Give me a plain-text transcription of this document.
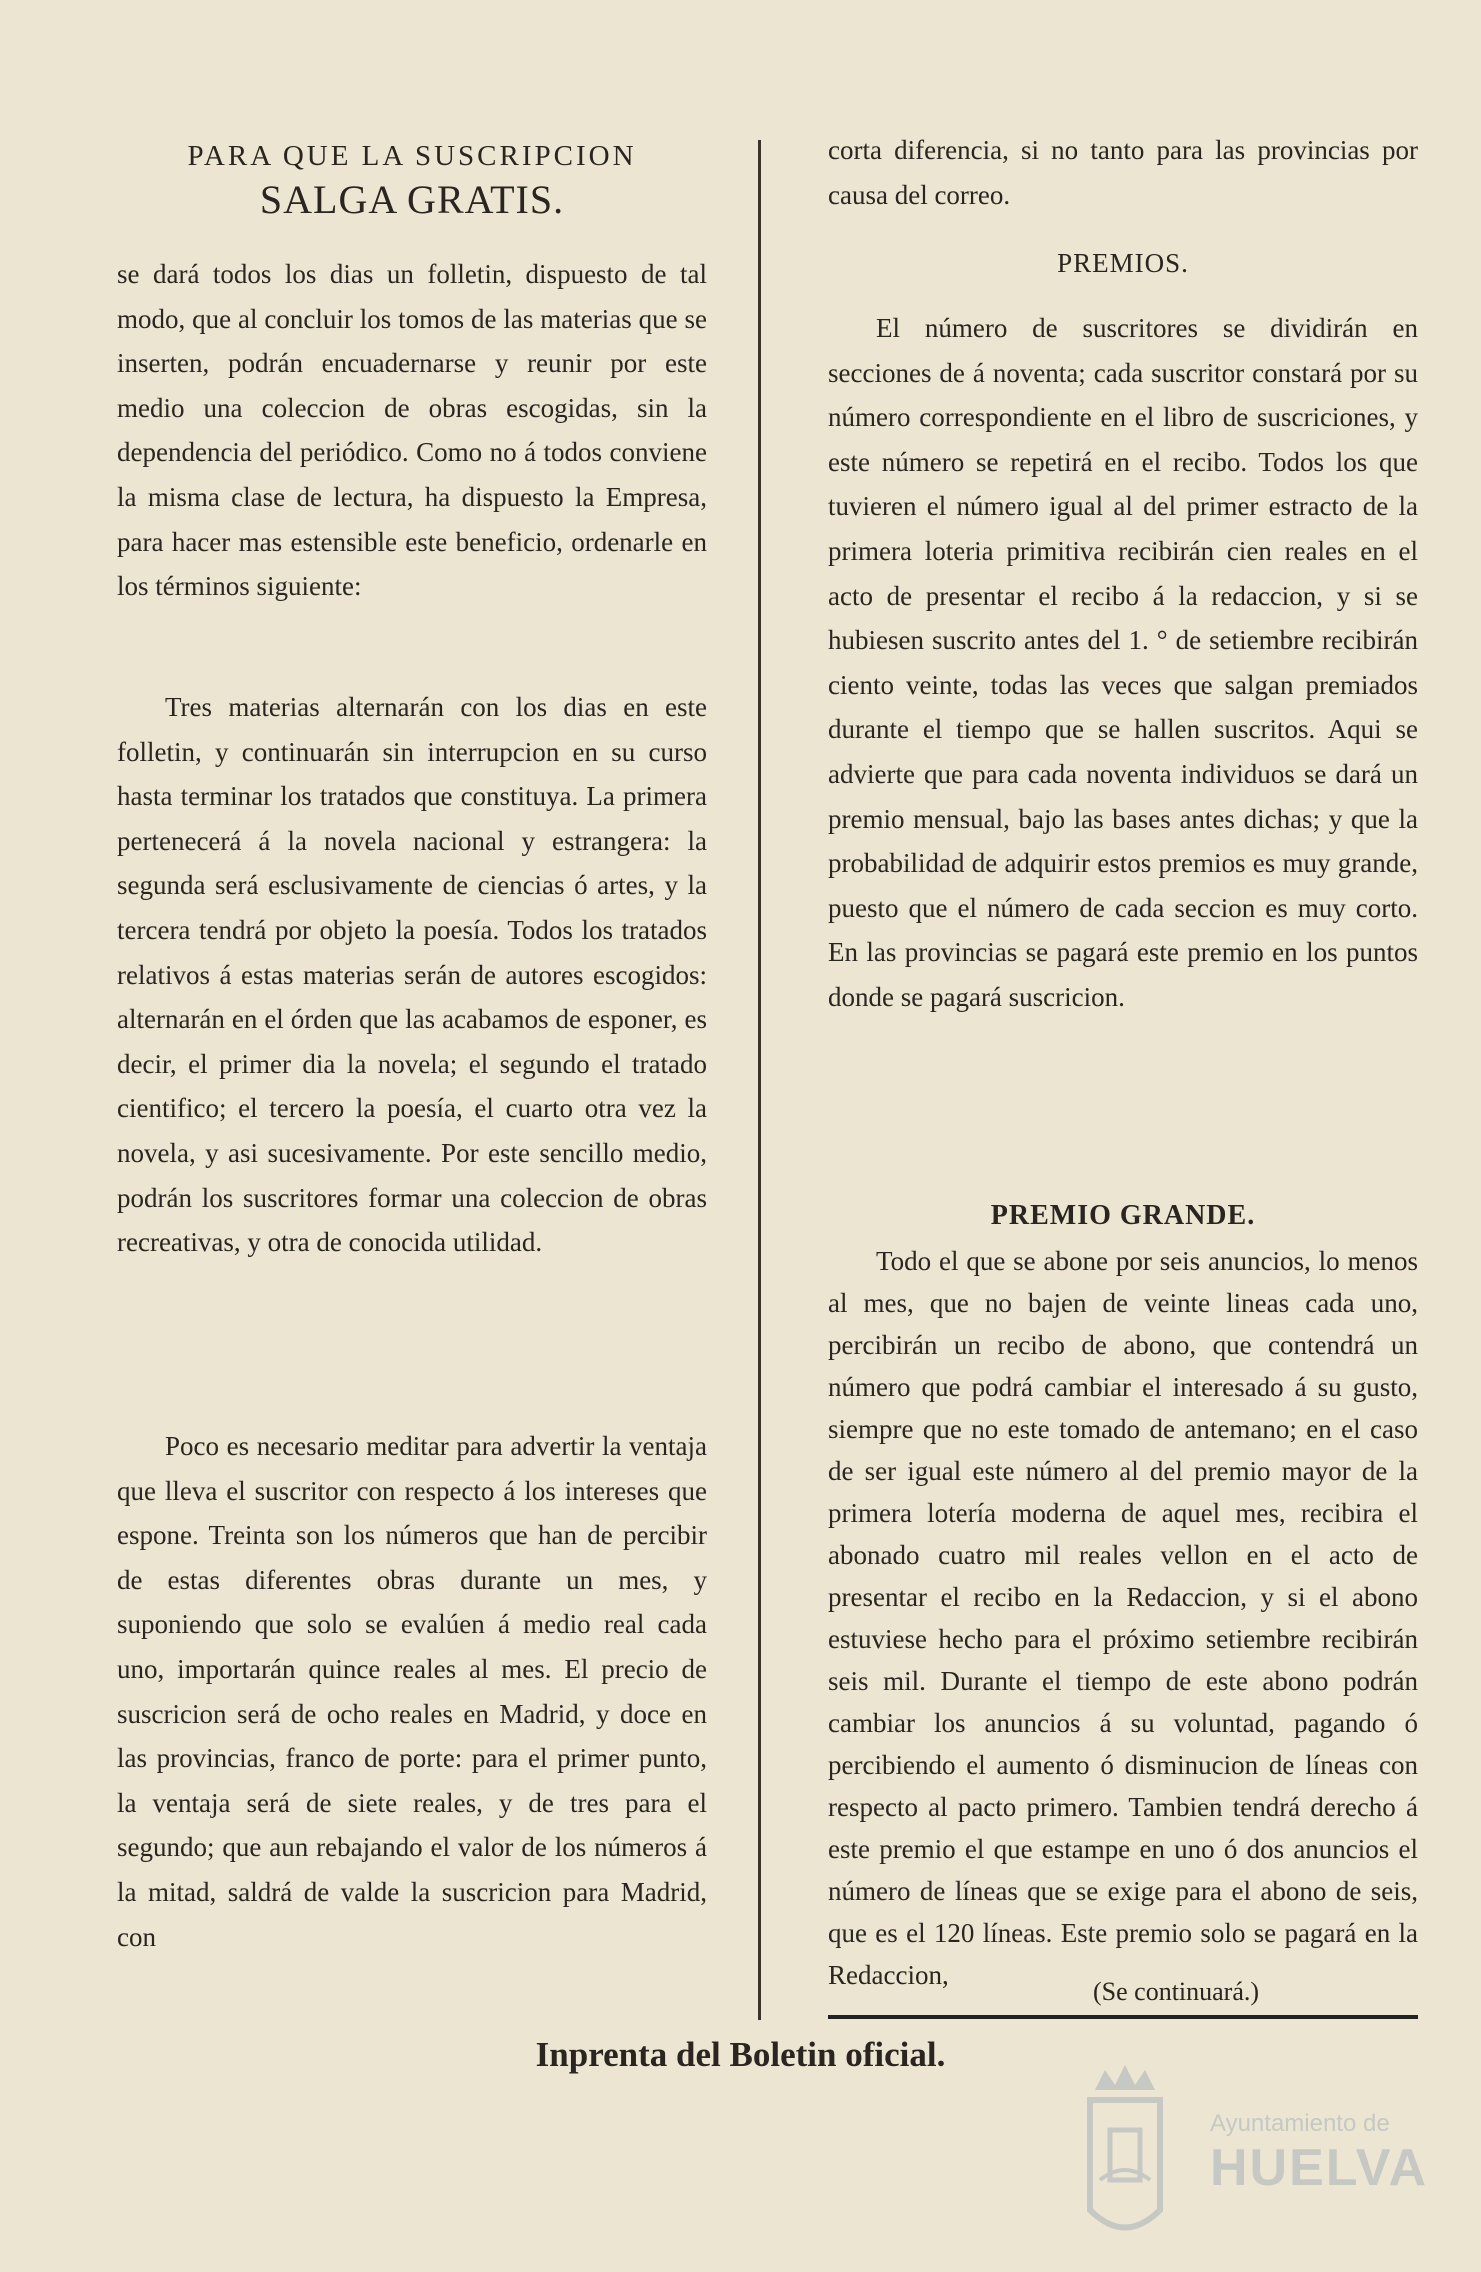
PARA QUE LA SUSCRIPCION
SALGA GRATIS.

se dará todos los dias un folletin, dispuesto de tal modo, que al concluir los tomos de las materias que se inserten, podrán encuadernarse y reunir por este medio una coleccion de obras escogidas, sin la dependencia del periódico. Como no á todos conviene la misma clase de lectura, ha dispuesto la Empresa, para hacer mas estensible este beneficio, ordenarle en los términos siguiente:

Tres materias alternarán con los dias en este folletin, y continuarán sin interrupcion en su curso hasta terminar los tratados que constituya. La primera pertenecerá á la novela nacional y estrangera: la segunda será esclusivamente de ciencias ó artes, y la tercera tendrá por objeto la poesía. Todos los tratados relativos á estas materias serán de autores escogidos: alternarán en el órden que las acabamos de esponer, es decir, el primer dia la novela; el segundo el tratado cientifico; el tercero la poesía, el cuarto otra vez la novela, y asi sucesivamente. Por este sencillo medio, podrán los suscritores formar una coleccion de obras recreativas, y otra de conocida utilidad.

Poco es necesario meditar para advertir la ventaja que lleva el suscritor con respecto á los intereses que espone. Treinta son los números que han de percibir de estas diferentes obras durante un mes, y suponiendo que solo se evalúen á medio real cada uno, importarán quince reales al mes. El precio de suscricion será de ocho reales en Madrid, y doce en las provincias, franco de porte: para el primer punto, la ventaja será de siete reales, y de tres para el segundo; que aun rebajando el valor de los números á la mitad, saldrá de valde la suscricion para Madrid, con

corta diferencia, si no tanto para las provincias por causa del correo.

PREMIOS.

El número de suscritores se dividirán en secciones de á noventa; cada suscritor constará por su número correspondiente en el libro de suscriciones, y este número se repetirá en el recibo. Todos los que tuvieren el número igual al del primer estracto de la primera loteria primitiva recibirán cien reales en el acto de presentar el recibo á la redaccion, y si se hubiesen suscrito antes del 1. ° de setiembre recibirán ciento veinte, todas las veces que salgan premiados durante el tiempo que se hallen suscritos. Aqui se advierte que para cada noventa individuos se dará un premio mensual, bajo las bases antes dichas; y que la probabilidad de adquirir estos premios es muy grande, puesto que el número de cada seccion es muy corto. En las provincias se pagará este premio en los puntos donde se pagará suscricion.

PREMIO GRANDE.

Todo el que se abone por seis anuncios, lo menos al mes, que no bajen de veinte lineas cada uno, percibirán un recibo de abono, que contendrá un número que podrá cambiar el interesado á su gusto, siempre que no este tomado de antemano; en el caso de ser igual este número al del premio mayor de la primera lotería moderna de aquel mes, recibira el abonado cuatro mil reales vellon en el acto de presentar el recibo en la Redaccion, y si el abono estuviese hecho para el próximo setiembre recibirán seis mil. Durante el tiempo de este abono podrán cambiar los anuncios á su voluntad, pagando ó percibiendo el aumento ó disminucion de líneas con respecto al pacto primero. Tambien tendrá derecho á este premio el que estampe en uno ó dos anuncios el número de líneas que se exige para el abono de seis, que es el 120 líneas. Este premio solo se pagará en la Redaccion,

(Se continuará.)
Inprenta del Boletin oficial.
Ayuntamiento de
HUELVA
